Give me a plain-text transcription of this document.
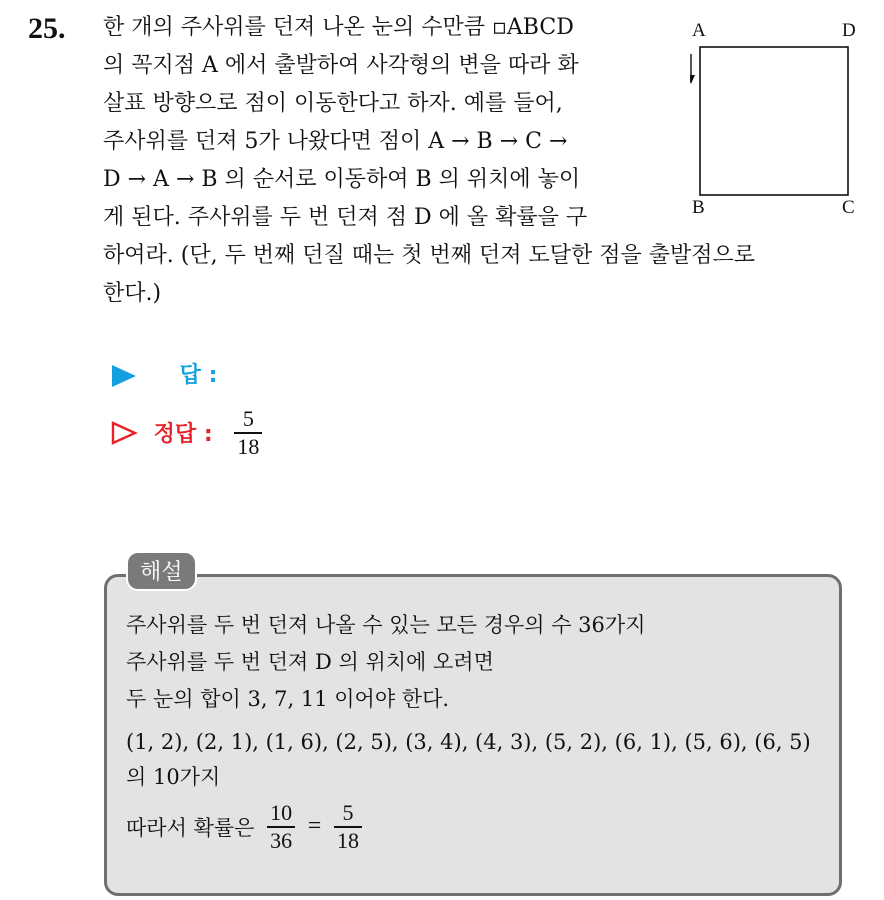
25. 한 개의 주사위를 던져 나온 눈의 수만큼 ▫ABCD
의 꼭지점 A 에서 출발하여 사각형의 변을 따라 화
살표 방향으로 점이 이동한다고 하자. 예를 들어,
주사위를 던져 5가 나왔다면 점이 A → B → C →
D → A → B 의 순서로 이동하여 B 의 위치에 놓이
게 된다. 주사위를 두 번 던져 점 D 에 올 확률을 구
하여라. (단, 두 번째 던질 때는 첫 번째 던져 도달한 점을 출발점으로
한다.)
A	D
B	C
답 :
정답 : $\frac{5}{18}$
해설
주사위를 두 번 던져 나올 수 있는 모든 경우의 수 36가지
주사위를 두 번 던져 D 의 위치에 오려면
두 눈의 합이 3, 7, 11 이어야 한다.
(1, 2), (2, 1), (1, 6), (2, 5), (3, 4), (4, 3), (5, 2), (6, 1), (5, 6), (6, 5)
의 10가지
따라서 확률은 $\frac{10}{36} = \frac{5}{18}$
